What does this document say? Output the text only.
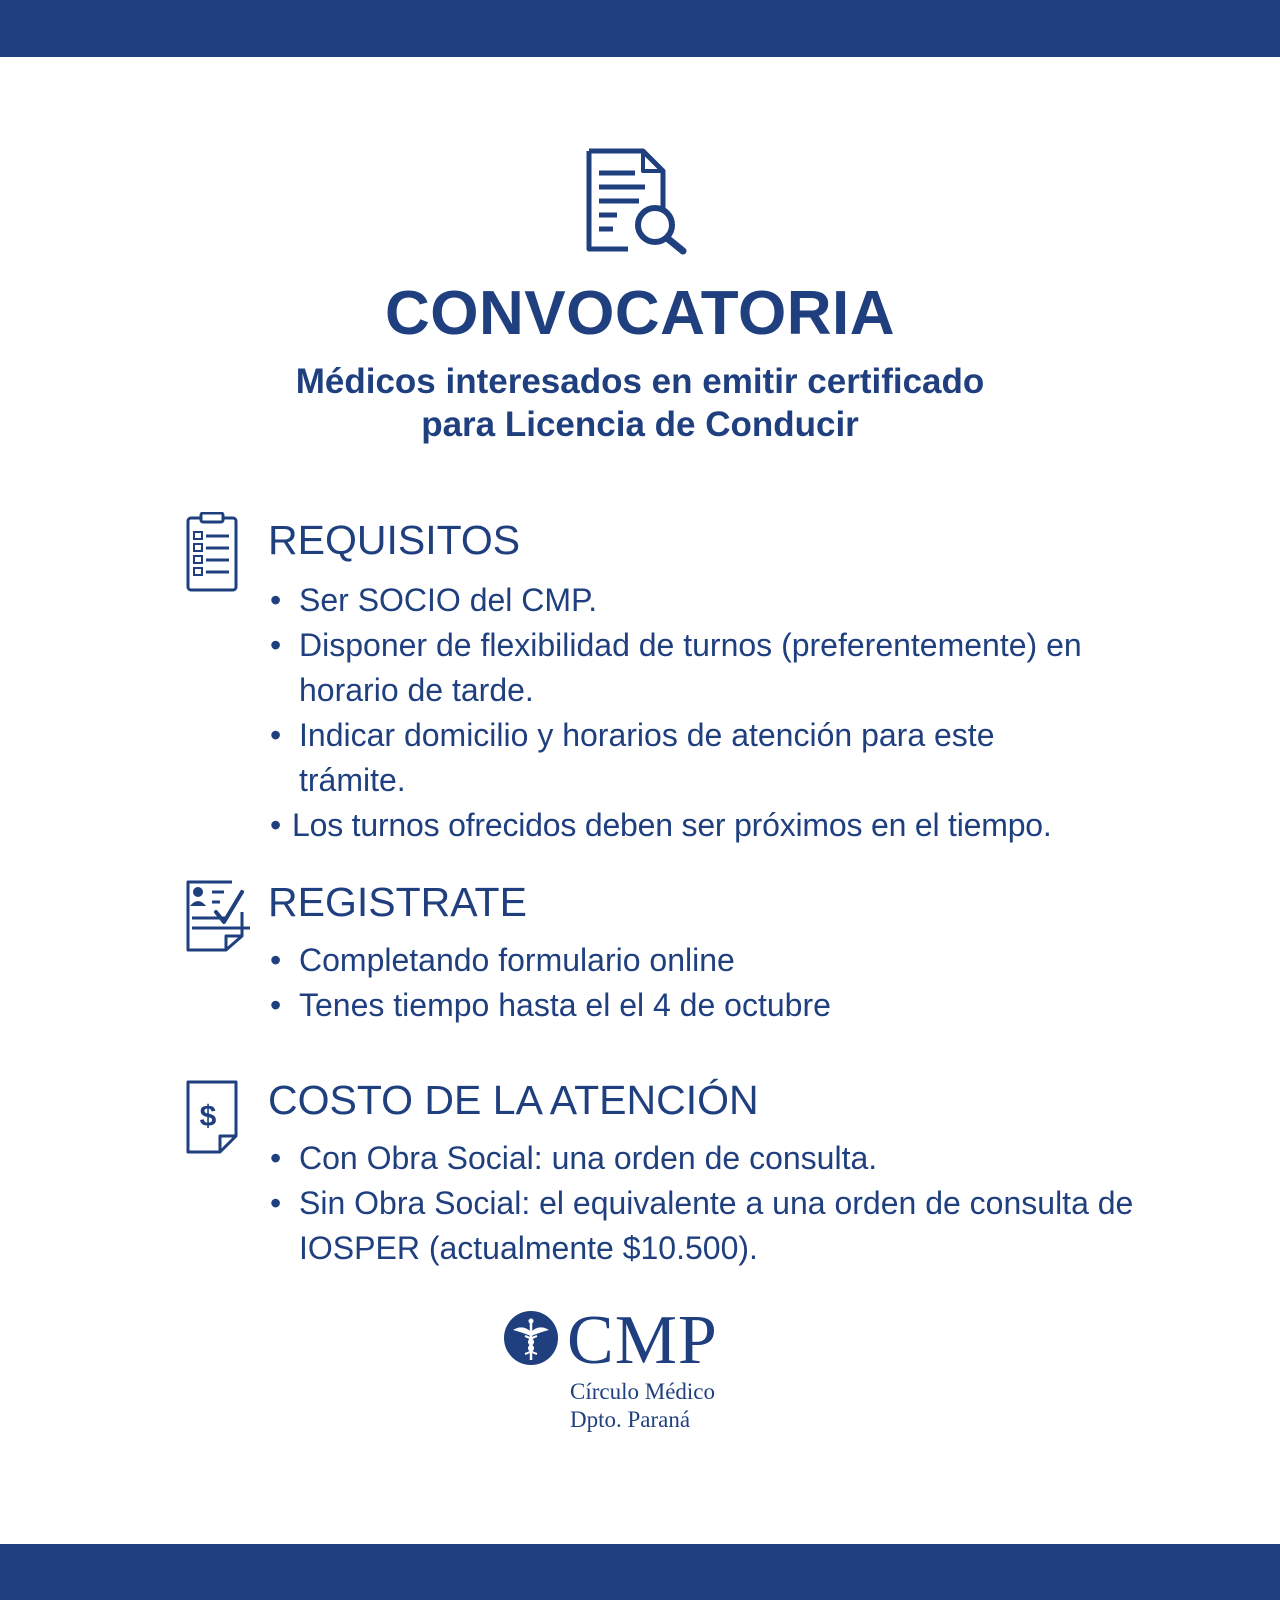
CONVOCATORIA
Médicos interesados en emitir certificado
para Licencia de Conducir
REQUISITOS
• Ser SOCIO del CMP.
• Disponer de flexibilidad de turnos (preferentemente) en horario de tarde.
• Indicar domicilio y horarios de atención para este trámite.
• Los turnos ofrecidos deben ser próximos en el tiempo.
REGISTRATE
• Completando formulario online
• Tenes tiempo hasta el el 4 de octubre
$ COSTO DE LA ATENCIÓN
• Con Obra Social: una orden de consulta.
• Sin Obra Social: el equivalente a una orden de consulta de IOSPER (actualmente $10.500).
CMP
Círculo Médico
Dpto. Paraná
